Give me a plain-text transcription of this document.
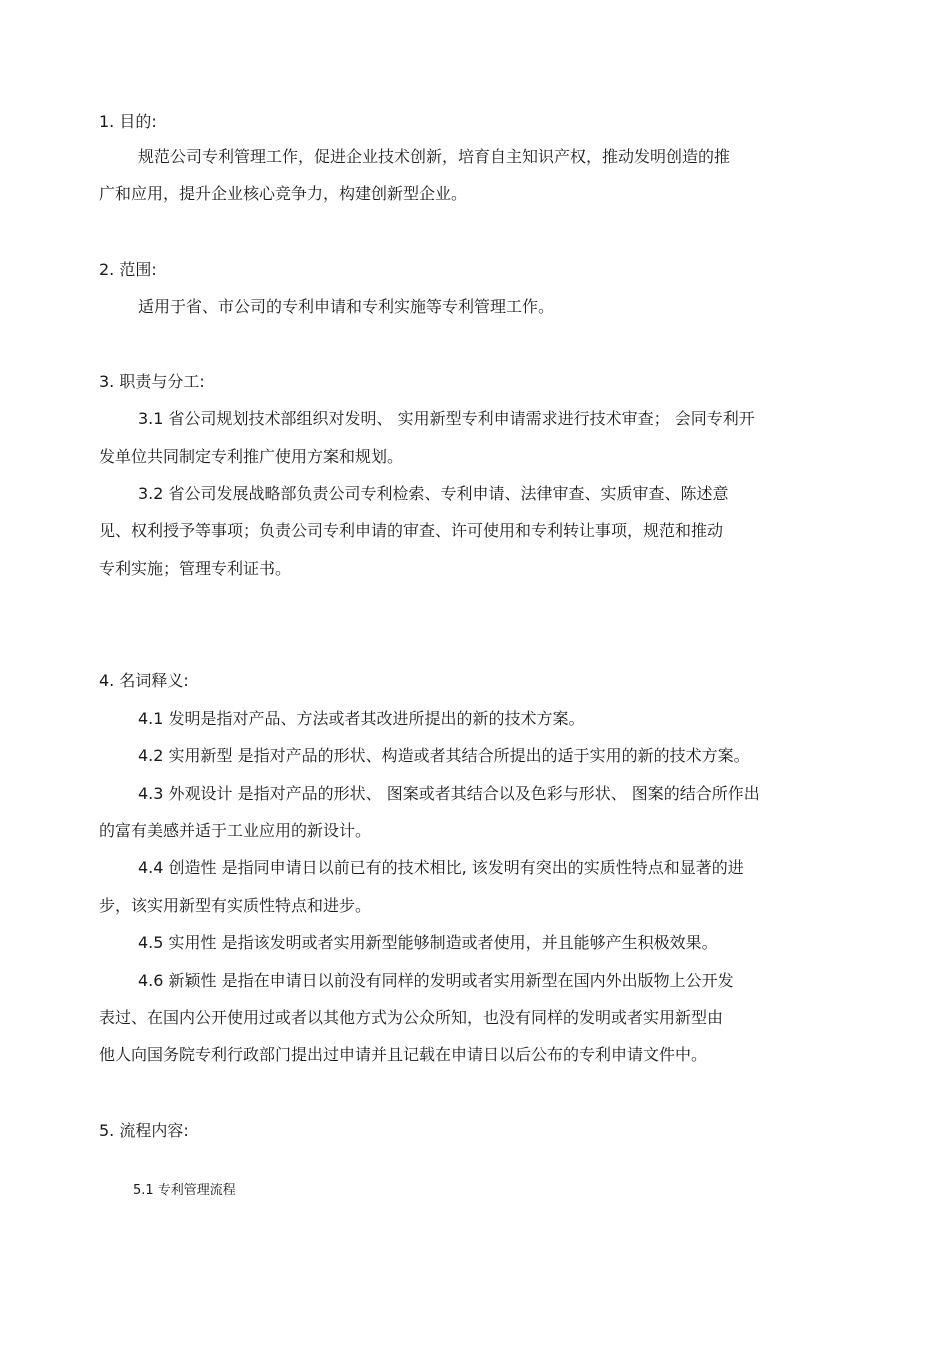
1. 目的:
规范公司专利管理工作，促进企业技术创新，培育自主知识产权，推动发明创造的推
广和应用，提升企业核心竞争力，构建创新型企业。
2. 范围:
适用于省、市公司的专利申请和专利实施等专利管理工作。
3. 职责与分工:
3.1 省公司规划技术部组织对发明、 实用新型专利申请需求进行技术审查； 会同专利开
发单位共同制定专利推广使用方案和规划。
3.2 省公司发展战略部负责公司专利检索、专利申请、法律审查、实质审查、陈述意
见、权利授予等事项；负责公司专利申请的审查、许可使用和专利转让事项，规范和推动
专利实施；管理专利证书。
4. 名词释义:
4.1 发明是指对产品、方法或者其改进所提出的新的技术方案。
4.2 实用新型 是指对产品的形状、构造或者其结合所提出的适于实用的新的技术方案。
4.3 外观设计 是指对产品的形状、 图案或者其结合以及色彩与形状、 图案的结合所作出
的富有美感并适于工业应用的新设计。
4.4 创造性 是指同申请日以前已有的技术相比, 该发明有突出的实质性特点和显著的进
步，该实用新型有实质性特点和进步。
4.5 实用性 是指该发明或者实用新型能够制造或者使用，并且能够产生积极效果。
4.6 新颖性 是指在申请日以前没有同样的发明或者实用新型在国内外出版物上公开发
表过、在国内公开使用过或者以其他方式为公众所知，也没有同样的发明或者实用新型由
他人向国务院专利行政部门提出过申请并且记载在申请日以后公布的专利申请文件中。
5. 流程内容:
5.1 专利管理流程
